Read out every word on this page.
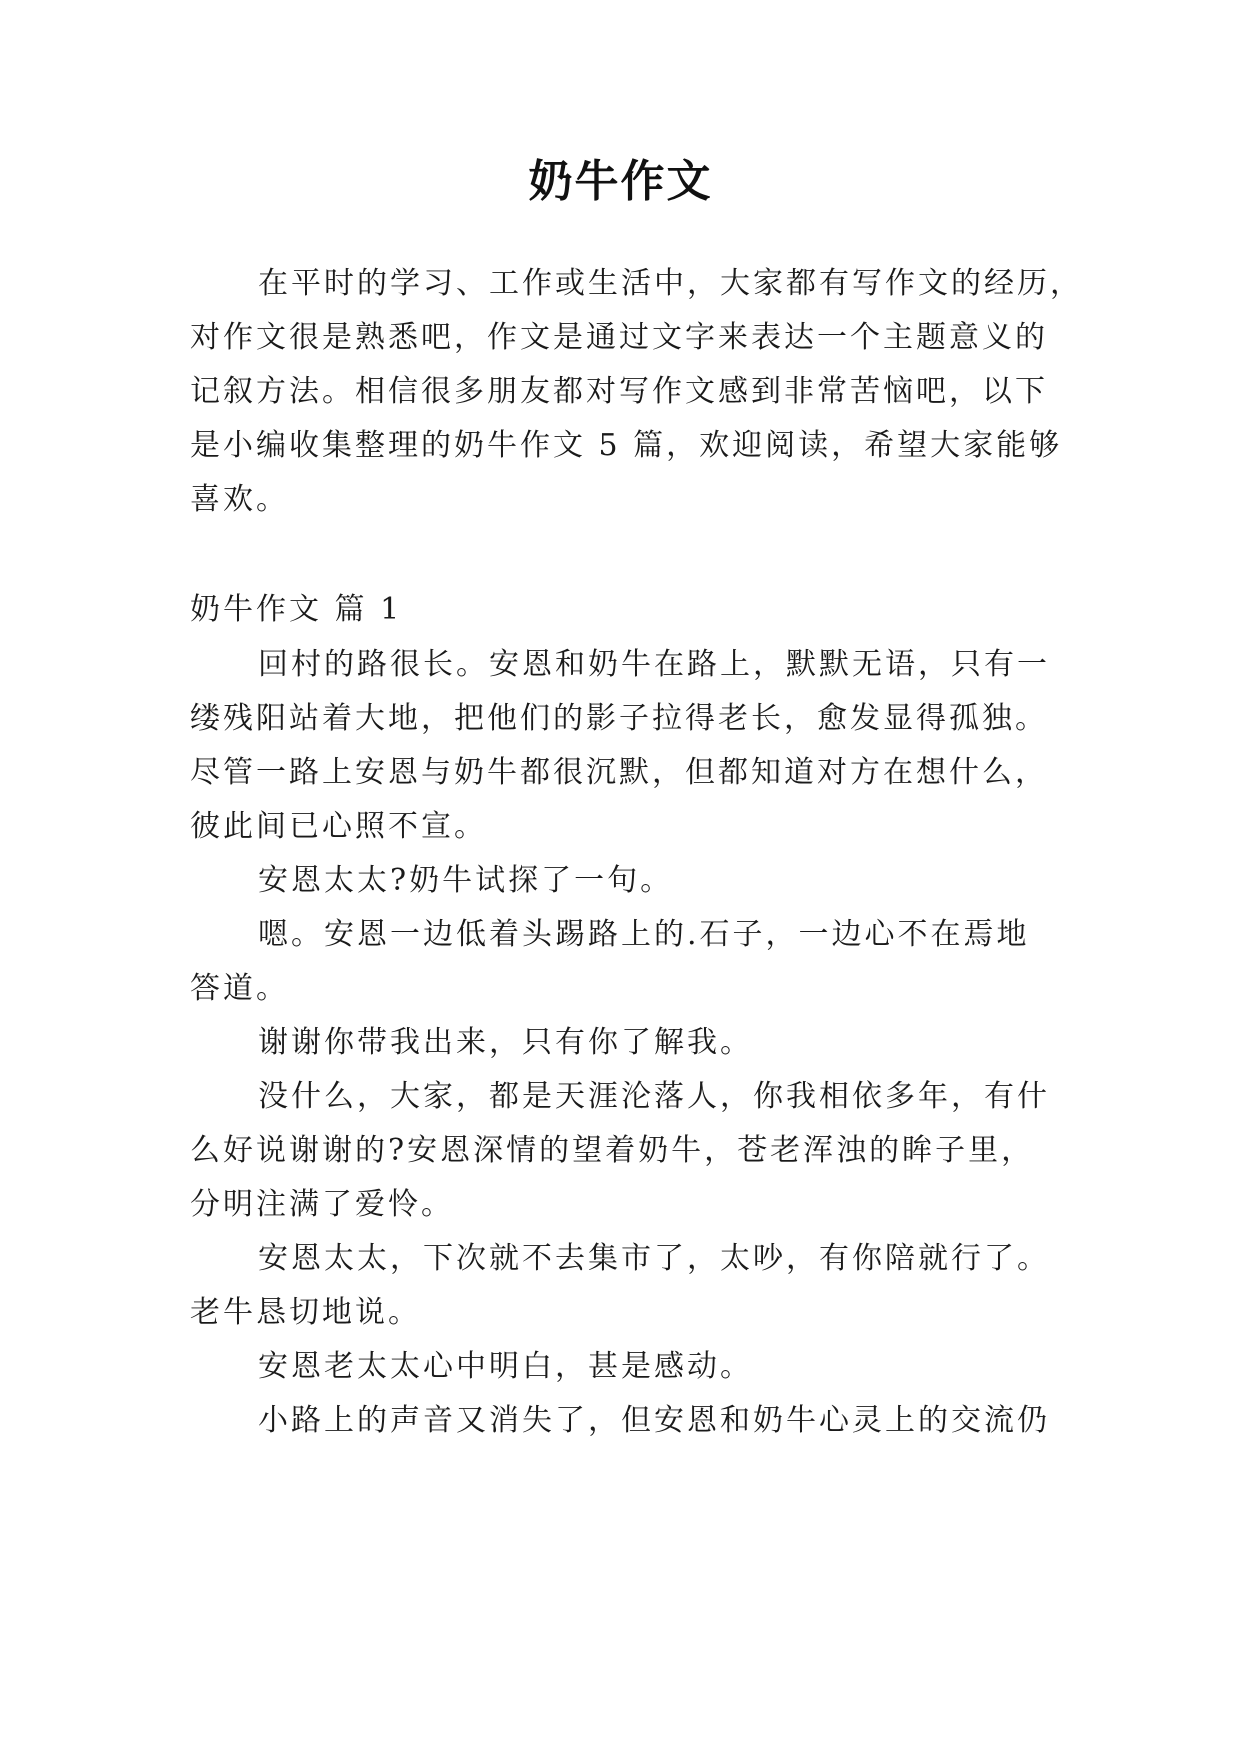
奶牛作文
在平时的学习、工作或生活中，大家都有写作文的经历，
对作文很是熟悉吧，作文是通过文字来表达一个主题意义的
记叙方法。相信很多朋友都对写作文感到非常苦恼吧，以下
是小编收集整理的奶牛作文 5 篇，欢迎阅读，希望大家能够
喜欢。
奶牛作文 篇 1
回村的路很长。安恩和奶牛在路上，默默无语，只有一
缕残阳站着大地，把他们的影子拉得老长，愈发显得孤独。
尽管一路上安恩与奶牛都很沉默，但都知道对方在想什么，
彼此间已心照不宣。
安恩太太?奶牛试探了一句。
嗯。安恩一边低着头踢路上的.石子，一边心不在焉地
答道。
谢谢你带我出来，只有你了解我。
没什么，大家，都是天涯沦落人，你我相依多年，有什
么好说谢谢的?安恩深情的望着奶牛，苍老浑浊的眸子里，
分明注满了爱怜。
安恩太太，下次就不去集市了，太吵，有你陪就行了。
老牛恳切地说。
安恩老太太心中明白，甚是感动。
小路上的声音又消失了，但安恩和奶牛心灵上的交流仍
